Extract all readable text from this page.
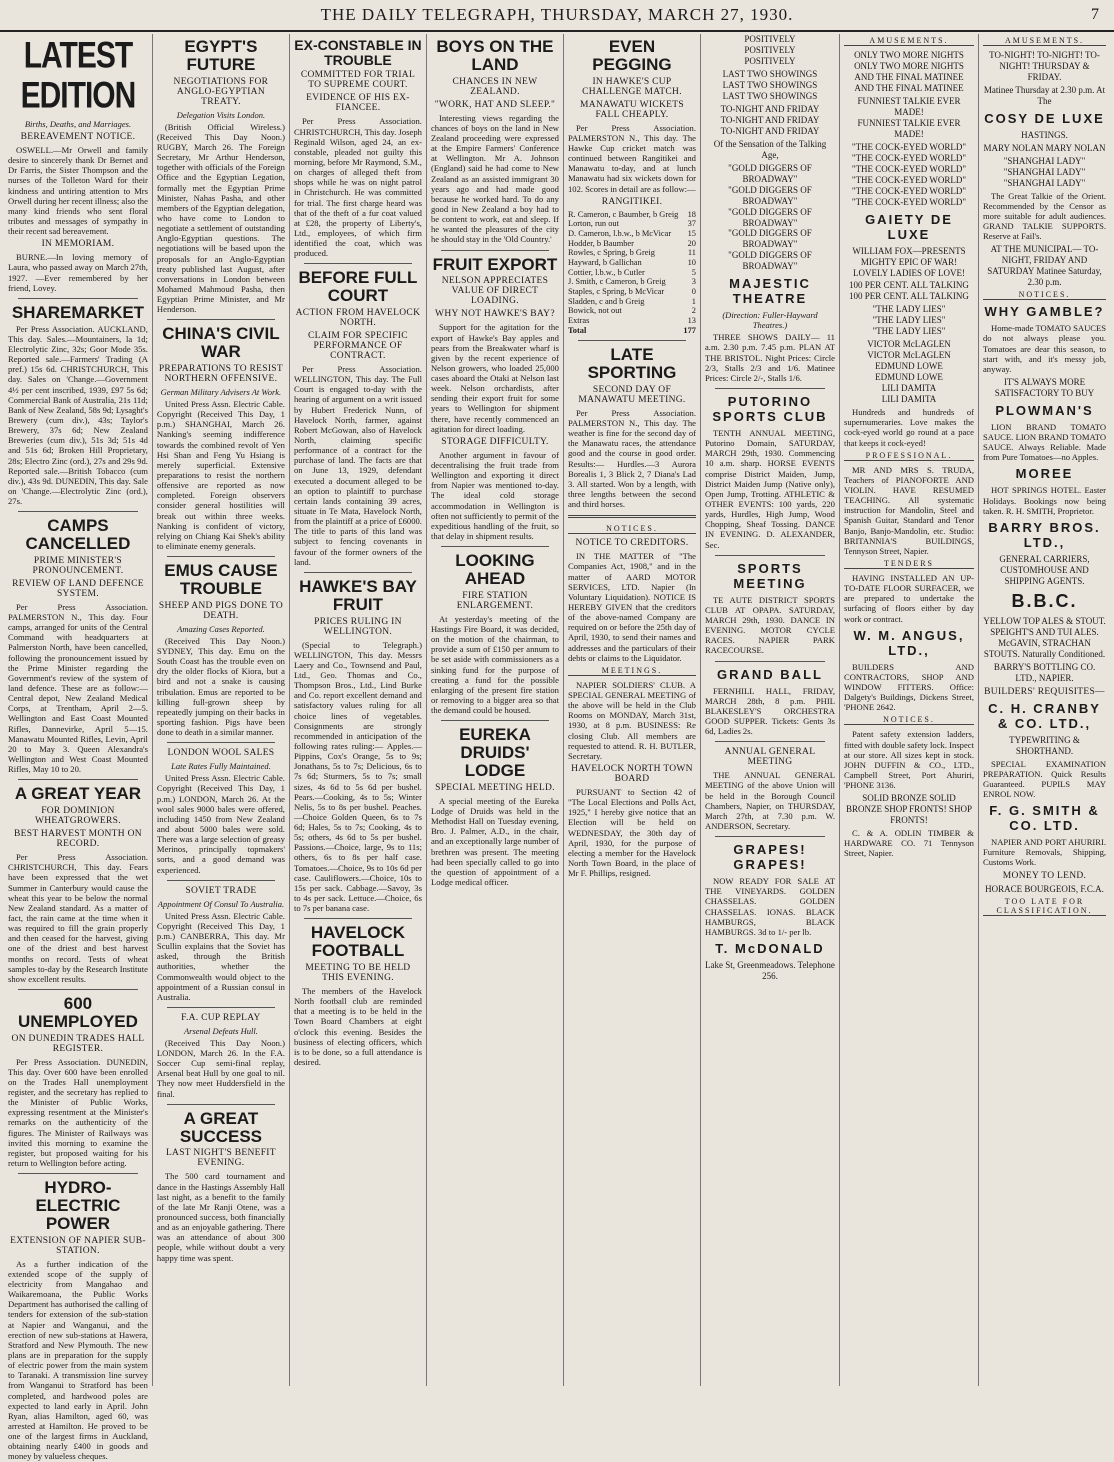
THE DAILY TELEGRAPH, THURSDAY, MARCH 27, 1930.	7
LATEST EDITION
Births, Deaths, and Marriages.
BEREAVEMENT NOTICE.

OSWELL.—Mr Orwell and family desire to sincerely thank Dr Bernet and Dr Farris, the Sister Thompson and the nurses of the Tolleton Ward for their kindness and untiring attention to Mrs Orwell during her recent illness; also the many kind friends who sent floral tributes and messages of sympathy in their recent sad bereavement.

IN MEMORIAM.

BURNE.—In loving memory of Laura, who passed away on March 27th, 1927. —Ever remembered by her friend, Lovey.

SHAREMARKET

Per Press Association. AUCKLAND, This day. Sales.—Mountainers, la 1d; Electrolytic Zinc, 32s; Goor Mode 35s. Reported sale.—Farmers' Trading (A pref.) 15s 6d. CHRISTCHURCH, This day. Sales on 'Change.—Government 4½ per cent inscribed, 1939, £97 5s 6d; Commercial Bank of Australia, 21s 11d; Bank of New Zealand, 58s 9d; Lysaght's Brewery (cum div.), 43s; Taylor's Brewery, 37s 6d; New Zealand Breweries (cum div.), 51s 3d; 51s 4d and 51s 6d; Broken Hill Proprietary, 28s; Electro Zinc (ord.), 27s and 29s 9d. Reported sale.—British Tobacco (cum div.), 43s 9d. DUNEDIN, This day. Sale on 'Change.—Electrolytic Zinc (ord.), 27s.

CAMPS CANCELLED
PRIME MINISTER'S PRONOUNCEMENT.
REVIEW OF LAND DEFENCE SYSTEM.

Per Press Association. PALMERSTON N., This day. Four camps, arranged for units of the Central Command with headquarters at Palmerston North, have been cancelled, following the pronouncement issued by the Prime Minister regarding the Government's review of the system of land defence. These are as follow:— Central depot, New Zealand Medical Corps, at Trentham, April 2—5. Wellington and East Coast Mounted Rifles, Dannevirke, April 5—15. Manawatu Mounted Rifles, Levin, April 20 to May 3. Queen Alexandra's Wellington and West Coast Mounted Rifles, May 10 to 20.

A GREAT YEAR
FOR DOMINION WHEATGROWERS.
BEST HARVEST MONTH ON RECORD.

Per Press Association. CHRISTCHURCH, This day. Fears have been expressed that the wet Summer in Canterbury would cause the wheat this year to be below the normal New Zealand standard. As a matter of fact, the rain came at the time when it was required to fill the grain properly and then ceased for the harvest, giving one of the driest and best harvest months on record. Tests of wheat samples to-day by the Research Institute show excellent results.

600 UNEMPLOYED
ON DUNEDIN TRADES HALL REGISTER.

Per Press Association. DUNEDIN, This day. Over 600 have been enrolled on the Trades Hall unemployment register, and the secretary has replied to the Minister of Public Works, expressing resentment at the Minister's remarks on the authenticity of the figures. The Minister of Railways was invited this morning to examine the register, but proposed waiting for his return to Wellington before acting.

HYDRO-ELECTRIC POWER
EXTENSION OF NAPIER SUB-STATION.

As a further indication of the extended scope of the supply of electricity from Mangahao and Waikaremoana, the Public Works Department has authorised the calling of tenders for extension of the sub-station at Napier and Wanganui, and the erection of new sub-stations at Hawera, Stratford and New Plymouth. The new plans are in preparation for the supply of electric power from the main system to Taranaki. A transmission line survey from Wanganui to Stratford has been completed, and hardwood poles are expected to land early in April. John Ryan, alias Hamilton, aged 60, was arrested at Hamilton. He proved to be one of the largest firms in Auckland, obtaining nearly £400 in goods and money by valueless cheques.

EGYPT'S FUTURE
NEGOTIATIONS FOR ANGLO-EGYPTIAN TREATY.
Delegation Visits London.

(British Official Wireless.) (Received This Day Noon.) RUGBY, March 26. The Foreign Secretary, Mr Arthur Henderson, together with officials of the Foreign Office and the Egyptian Legation, formally met the Egyptian Prime Minister, Nahas Pasha, and other members of the Egyptian delegation, who have come to London to negotiate a settlement of outstanding Anglo-Egyptian questions. The negotiations will be based upon the proposals for an Anglo-Egyptian treaty published last August, after conversations in London between Mohamed Mahmoud Pasha, then Egyptian Prime Minister, and Mr Henderson.

CHINA'S CIVIL WAR
PREPARATIONS TO RESIST NORTHERN OFFENSIVE.
German Military Advisers At Work.

United Press Assn. Electric Cable. Copyright (Received This Day, 1 p.m.) SHANGHAI, March 26. Nanking's seeming indifference towards the combined revolt of Yen Hsi Shan and Feng Yu Hsiang is merely superficial. Extensive preparations to resist the northern offensive are reported as now completed. Foreign observers consider general hostilities will break out within three weeks. Nanking is confident of victory, relying on Chiang Kai Shek's ability to eliminate enemy generals.

EMUS CAUSE TROUBLE
SHEEP AND PIGS DONE TO DEATH.
Amazing Cases Reported.

(Received This Day Noon.) SYDNEY, This day. Emu on the South Coast has the trouble even on dry the older flocks of Kiora, but a bird and not a snake is causing tribulation. Emus are reported to be killing full-grown sheep by repeatedly jumping on their backs in sporting fashion. Pigs have been done to death in a similar manner.

LONDON WOOL SALES
Late Rates Fully Maintained.

United Press Assn. Electric Cable. Copyright (Received This Day, 1 p.m.) LONDON, March 26. At the wool sales 9000 bales were offered, including 1450 from New Zealand and about 5000 bales were sold. There was a large selection of greasy Merinos, principally topmakers' sorts, and a good demand was experienced.

SOVIET TRADE
Appointment Of Consul To Australia.

United Press Assn. Electric Cable. Copyright (Received This Day, 1 p.m.) CANBERRA, This day. Mr Scullin explains that the Soviet has asked, through the British authorities, whether the Commonwealth would object to the appointment of a Russian consul in Australia.

F.A. CUP REPLAY
Arsenal Defeats Hull.

(Received This Day Noon.) LONDON, March 26. In the F.A. Soccer Cup semi-final replay, Arsenal beat Hull by one goal to nil. They now meet Huddersfield in the final.

A GREAT SUCCESS
LAST NIGHT'S BENEFIT EVENING.

The 500 card tournament and dance in the Hastings Assembly Hall last night, as a benefit to the family of the late Mr Ranji Otene, was a pronounced success, both financially and as an enjoyable gathering. There was an attendance of about 300 people, while without doubt a very happy time was spent.

EX-CONSTABLE IN TROUBLE
COMMITTED FOR TRIAL TO SUPREME COURT.
EVIDENCE OF HIS EX-FIANCEE.

Per Press Association. CHRISTCHURCH, This day. Joseph Reginald Wilson, aged 24, an ex-constable, pleaded not guilty this morning, before Mr Raymond, S.M., on charges of alleged theft from shops while he was on night patrol in Christchurch. He was committed for trial. The first charge heard was that of the theft of a fur coat valued at £28, the property of Liberty's, Ltd., employees, of which firm identified the coat, which was produced.

BEFORE FULL COURT
ACTION FROM HAVELOCK NORTH.
CLAIM FOR SPECIFIC PERFORMANCE OF CONTRACT.

Per Press Association. WELLINGTON, This day. The Full Court is engaged to-day with the hearing of argument on a writ issued by Hubert Frederick Nunn, of Havelock North, farmer, against Robert McGowan, also of Havelock North, claiming specific performance of a contract for the purchase of land. The facts are that on June 13, 1929, defendant executed a document alleged to be an option to plaintiff to purchase certain lands containing 39 acres, situate in Te Mata, Havelock North, from the plaintiff at a price of £6000. The title to parts of this land was subject to fencing covenants in favour of the former owners of the land.

HAWKE'S BAY FRUIT
PRICES RULING IN WELLINGTON.

(Special to Telegraph.) WELLINGTON, This day. Messrs Laery and Co., Townsend and Paul, Ltd., Geo. Thomas and Co., Thompson Bros., Ltd., Lind Burke and Co. report excellent demand and satisfactory values ruling for all choice lines of vegetables. Consignments are strongly recommended in anticipation of the following rates ruling:— Apples.—Pippins, Cox's Orange, 5s to 9s; Jonathans, 5s to 7s; Delicious, 6s to 7s 6d; Sturmers, 5s to 7s; small sizes, 4s 6d to 5s 6d per bushel. Pears.—Cooking, 4s to 5s; Winter Nelis, 5s to 8s per bushel. Peaches.—Choice Golden Queen, 6s to 7s 6d; Hales, 5s to 7s; Cooking, 4s to 5s; others, 4s 6d to 5s per bushel. Passions.—Choice, large, 9s to 11s; others, 6s to 8s per half case. Tomatoes.—Choice, 9s to 10s 6d per case. Cauliflowers.—Choice, 10s to 15s per sack. Cabbage.—Savoy, 3s to 4s per sack. Lettuce.—Choice, 6s to 7s per banana case.

HAVELOCK FOOTBALL
MEETING TO BE HELD THIS EVENING.

The members of the Havelock North football club are reminded that a meeting is to be held in the Town Board Chambers at eight o'clock this evening. Besides the business of electing officers, which is to be done, so a full attendance is desired.

BOYS ON THE LAND
CHANCES IN NEW ZEALAND.
"WORK, HAT AND SLEEP."

Interesting views regarding the chances of boys on the land in New Zealand proceeding were expressed at the Empire Farmers' Conference at Wellington. Mr A. Johnson (England) said he had come to New Zealand as an assisted immigrant 30 years ago and had made good because he worked hard. To do any good in New Zealand a boy had to be content to work, eat and sleep. If he wanted the pleasures of the city he should stay in the 'Old Country.'

FRUIT EXPORT
NELSON APPRECIATES VALUE OF DIRECT LOADING.
WHY NOT HAWKE'S BAY?

Support for the agitation for the export of Hawke's Bay apples and pears from the Breakwater wharf is given by the recent experience of Nelson growers, who loaded 25,000 cases aboard the Otaki at Nelson last week. Nelson orchardists, after sending their export fruit for some years to Wellington for shipment there, have recently commenced an agitation for direct loading.

STORAGE DIFFICULTY.

Another argument in favour of decentralising the fruit trade from Wellington and exporting it direct from Napier was mentioned to-day. The ideal cold storage accommodation in Wellington is often not sufficiently to permit of the expeditious handling of the fruit, so that delay in shipment results.

LOOKING AHEAD
FIRE STATION ENLARGEMENT.

At yesterday's meeting of the Hastings Fire Board, it was decided, on the motion of the chairman, to provide a sum of £150 per annum to be set aside with commissioners as a sinking fund for the purpose of creating a fund for the possible enlarging of the present fire station or removing to a bigger area so that the demand could be housed.

EUREKA DRUIDS' LODGE
SPECIAL MEETING HELD.

A special meeting of the Eureka Lodge of Druids was held in the Methodist Hall on Tuesday evening, Bro. J. Palmer, A.D., in the chair, and an exceptionally large number of brethren was present. The meeting had been specially called to go into the question of appointment of a Lodge medical officer.

EVEN PEGGING
IN HAWKE'S CUP CHALLENGE MATCH.
MANAWATU WICKETS FALL CHEAPLY.

Per Press Association. PALMERSTON N., This day. The Hawke Cup cricket match was continued between Rangitikei and Manawatu to-day, and at lunch Manawatu had six wickets down for 102. Scores in detail are as follow:—

RANGITIKEI.
R. Cameron, c Baumber, b Greig 18
Lorton, run out	37
D. Cameron, l.b.w., b McVicar 15
Hodder, b Baumber	20
Rowles, c Spring, b Greig	11
Hayward, b Gallichan	10
Cottier, l.b.w., b Cutler	5
J. Smith, c Cameron, b Greig	3
Staples, c Spring, b McVicar	0
Sladden, c and b Greig	1
Bowick, not out	2
Extras	13
Total	177
LATE SPORTING
SECOND DAY OF MANAWATU MEETING.

Per Press Association. PALMERSTON N., This day. The weather is fine for the second day of the Manawatu races, the attendance good and the course in good order. Results:— Hurdles.—3 Aurora Borealis 1, 3 Blick 2, 7 Diana's Lad 3. All started. Won by a length, with three lengths between the second and third horses.

NOTICES.
NOTICE TO CREDITORS.

IN THE MATTER of "The Companies Act, 1908," and in the matter of AARD MOTOR SERVICES, LTD. Napier (In Voluntary Liquidation). NOTICE IS HEREBY GIVEN that the creditors of the above-named Company are required on or before the 25th day of April, 1930, to send their names and addresses and the particulars of their debts or claims to the Liquidator.

MEETINGS.

NAPIER SOLDIERS' CLUB. A SPECIAL GENERAL MEETING of the above will be held in the Club Rooms on MONDAY, March 31st, 1930, at 8 p.m. BUSINESS: Re closing Club. All members are requested to attend. R. H. BUTLER, Secretary.

HAVELOCK NORTH TOWN BOARD

PURSUANT to Section 42 of "The Local Elections and Polls Act, 1925," I hereby give notice that an Election will be held on WEDNESDAY, the 30th day of April, 1930, for the purpose of electing a member for the Havelock North Town Board, in the place of Mr F. Phillips, resigned.

POSITIVELY
POSITIVELY
POSITIVELY
LAST TWO SHOWINGS
LAST TWO SHOWINGS
LAST TWO SHOWINGS
TO-NIGHT AND FRIDAY
TO-NIGHT AND FRIDAY
TO-NIGHT AND FRIDAY
Of the Sensation of the Talking Age,
"GOLD DIGGERS OF BROADWAY"
"GOLD DIGGERS OF BROADWAY"
"GOLD DIGGERS OF BROADWAY"
"GOLD DIGGERS OF BROADWAY"
"GOLD DIGGERS OF BROADWAY"
MAJESTIC THEATRE
(Direction: Fuller-Hayward Theatres.)

THREE SHOWS DAILY— 11 a.m. 2.30 p.m. 7.45 p.m. PLAN AT THE BRISTOL. Night Prices: Circle 2/3, Stalls 2/3 and 1/6. Matinee Prices: Circle 2/-, Stalls 1/6.

PUTORINO SPORTS CLUB

TENTH ANNUAL MEETING, Putorino Domain, SATURDAY, MARCH 29th, 1930. Commencing 10 a.m. sharp. HORSE EVENTS comprise District Maiden, Jump, District Maiden Jump (Native only), Open Jump, Trotting. ATHLETIC & OTHER EVENTS: 100 yards, 220 yards, Hurdles, High Jump, Wood Chopping, Sheaf Tossing. DANCE IN EVENING. D. ALEXANDER, Sec.

SPORTS MEETING

TE AUTE DISTRICT SPORTS CLUB AT OPAPA. SATURDAY, MARCH 29th, 1930. DANCE IN EVENING. MOTOR CYCLE RACES. NAPIER PARK RACECOURSE.

GRAND BALL

FERNHILL HALL, FRIDAY, MARCH 28th, 8 p.m. PHIL BLAKESLEY'S ORCHESTRA GOOD SUPPER. Tickets: Gents 3s 6d, Ladies 2s.

ANNUAL GENERAL MEETING

THE ANNUAL GENERAL MEETING of the above Union will be held in the Borough Council Chambers, Napier, on THURSDAY, March 27th, at 7.30 p.m. W. ANDERSON, Secretary.

GRAPES! GRAPES!

NOW READY FOR SALE AT THE VINEYARDS. GOLDEN CHASSELAS. GOLDEN CHASSELAS. IONAS. BLACK HAMBURGS, BLACK HAMBURGS. 3d to 1/- per lb.

T. McDONALD
Lake St, Greenmeadows. Telephone 256.
AMUSEMENTS.
ONLY TWO MORE NIGHTS
ONLY TWO MORE NIGHTS
AND THE FINAL MATINEE
AND THE FINAL MATINEE
FUNNIEST TALKIE EVER MADE!
FUNNIEST TALKIE EVER MADE!
"THE COCK-EYED WORLD"
"THE COCK-EYED WORLD"
"THE COCK-EYED WORLD"
"THE COCK-EYED WORLD"
"THE COCK-EYED WORLD"
"THE COCK-EYED WORLD"
GAIETY DE LUXE
WILLIAM FOX—PRESENTS MIGHTY EPIC OF WAR! LOVELY LADIES OF LOVE!
100 PER CENT. ALL TALKING
100 PER CENT. ALL TALKING
"THE LADY LIES"
"THE LADY LIES"
"THE LADY LIES"
VICTOR McLAGLEN
VICTOR McLAGLEN
EDMUND LOWE
EDMUND LOWE
LILI DAMITA
LILI DAMITA

Hundreds and hundreds of supernumeraries. Love makes the cock-eyed world go round at a pace that keeps it cock-eyed!

PROFESSIONAL.

MR AND MRS S. TRUDA, Teachers of PIANOFORTE AND VIOLIN. HAVE RESUMED TEACHING. All systematic instruction for Mandolin, Steel and Spanish Guitar, Standard and Tenor Banjo, Banjo-Mandolin, etc. Studio: BRITANNIA'S BUILDINGS, Tennyson Street, Napier.

TENDERS

HAVING INSTALLED AN UP-TO-DATE FLOOR SURFACER, we are prepared to undertake the surfacing of floors either by day work or contract.

W. M. ANGUS, LTD.,

BUILDERS AND CONTRACTORS, SHOP AND WINDOW FITTERS. Office: Dalgety's Buildings, Dickens Street, 'PHONE 2642.

NOTICES.

Patent safety extension ladders, fitted with double safety lock. Inspect at our store. All sizes kept in stock. JOHN DUFFIN & CO., LTD., Campbell Street, Port Ahuriri, 'PHONE 3136.

SOLID BRONZE SOLID BRONZE SHOP FRONTS! SHOP FRONTS!

C. & A. ODLIN TIMBER & HARDWARE CO. 71 Tennyson Street, Napier.

AMUSEMENTS.
TO-NIGHT! TO-NIGHT! TO-NIGHT! THURSDAY & FRIDAY.
Matinee Thursday at 2.30 p.m. At The
COSY DE LUXE
HASTINGS.
MARY NOLAN MARY NOLAN
"SHANGHAI LADY"
"SHANGHAI LADY"
"SHANGHAI LADY"

The Great Talkie of the Orient. Recommended by the Censor as more suitable for adult audiences. GRAND TALKIE SUPPORTS. Reserve at Fail's.

AT THE MUNICIPAL— TO-NIGHT, FRIDAY AND SATURDAY Matinee Saturday, 2.30 p.m.
NOTICES.
WHY GAMBLE?

Home-made TOMATO SAUCES do not always please you. Tomatoes are dear this season, to start with, and it's messy job, anyway.

IT'S ALWAYS MORE SATISFACTORY TO BUY
PLOWMAN'S

LION BRAND TOMATO SAUCE. LION BRAND TOMATO SAUCE. Always Reliable. Made from Pure Tomatoes—no Apples.

MOREE

HOT SPRINGS HOTEL. Easter Holidays. Bookings now being taken. R. H. SMITH, Proprietor.

BARRY BROS. LTD.,
GENERAL CARRIERS, CUSTOMHOUSE AND SHIPPING AGENTS.
B.B.C.
YELLOW TOP ALES & STOUT. SPEIGHT'S AND TUI ALES. McGAVIN, STRACHAN STOUTS. Naturally Conditioned.
BARRY'S BOTTLING CO. LTD., NAPIER.
BUILDERS' REQUISITES—
C. H. CRANBY & CO. LTD.,
TYPEWRITING & SHORTHAND.

SPECIAL EXAMINATION PREPARATION. Quick Results Guaranteed. PUPILS MAY ENROL NOW.

F. G. SMITH & CO. LTD.

NAPIER AND PORT AHURIRI. Furniture Removals, Shipping, Customs Work.

MONEY TO LEND.
HORACE BOURGEOIS, F.C.A.
TOO LATE FOR CLASSIFICATION.
